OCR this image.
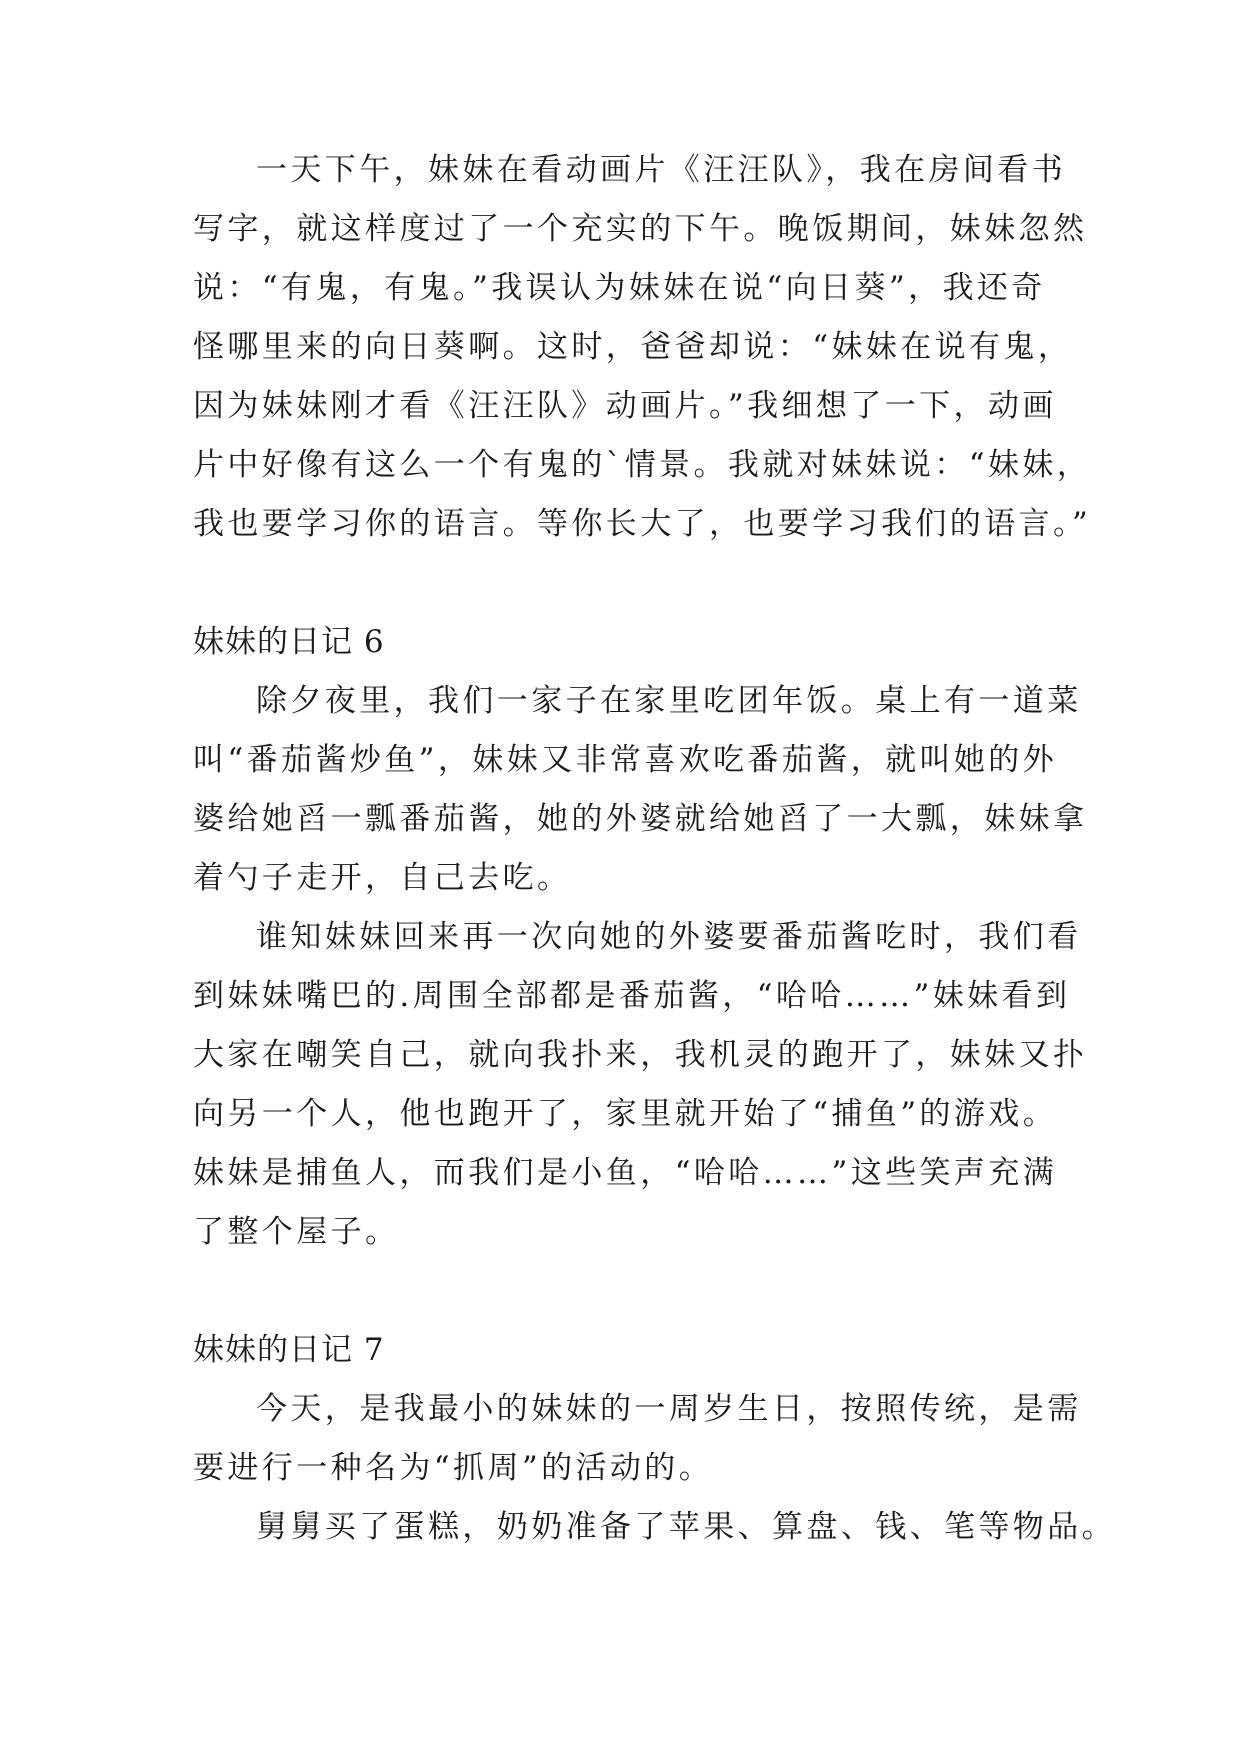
一天下午，妹妹在看动画片《汪汪队》，我在房间看书
写字，就这样度过了一个充实的下午。晚饭期间，妹妹忽然
说：“有鬼，有鬼。”我误认为妹妹在说“向日葵”，我还奇
怪哪里来的向日葵啊。这时，爸爸却说：“妹妹在说有鬼，
因为妹妹刚才看《汪汪队》动画片。”我细想了一下，动画
片中好像有这么一个有鬼的`情景。我就对妹妹说：“妹妹，
我也要学习你的语言。等你长大了，也要学习我们的语言。”
妹妹的日记 6
除夕夜里，我们一家子在家里吃团年饭。桌上有一道菜
叫“番茄酱炒鱼”，妹妹又非常喜欢吃番茄酱，就叫她的外
婆给她舀一瓢番茄酱，她的外婆就给她舀了一大瓢，妹妹拿
着勺子走开，自己去吃。
谁知妹妹回来再一次向她的外婆要番茄酱吃时，我们看
到妹妹嘴巴的.周围全部都是番茄酱，“哈哈……”妹妹看到
大家在嘲笑自己，就向我扑来，我机灵的跑开了，妹妹又扑
向另一个人，他也跑开了，家里就开始了“捕鱼”的游戏。
妹妹是捕鱼人，而我们是小鱼，“哈哈……”这些笑声充满
了整个屋子。
妹妹的日记 7
今天，是我最小的妹妹的一周岁生日，按照传统，是需
要进行一种名为“抓周”的活动的。
舅舅买了蛋糕，奶奶准备了苹果、算盘、钱、笔等物品。
